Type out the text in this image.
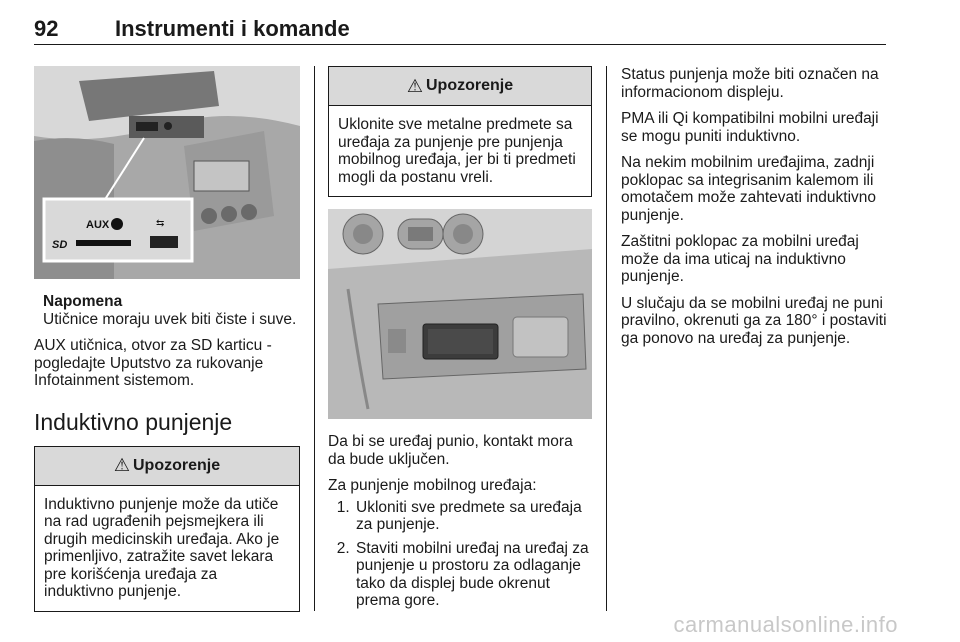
92	Instrumenti i komande
AUX
SD
⇆
Napomena
Utičnice moraju uvek biti čiste i suve.

AUX utičnica, otvor za SD karticu - pogledajte Uputstvo za rukovanje Infotainment sistemom.

Induktivno punjenje
⚠ Upozorenje
Induktivno punjenje može da utiče na rad ugrađenih pejsmejkera ili drugih medicinskih uređaja. Ako je primenljivo, zatražite savet lekara pre korišćenja uređaja za induktivno punjenje.
⚠ Upozorenje
Uklonite sve metalne predmete sa uređaja za punjenje pre punjenja mobilnog uređaja, jer bi ti predmeti mogli da postanu vreli.

Da bi se uređaj punio, kontakt mora da bude uključen.

Za punjenje mobilnog uređaja:

1. Ukloniti sve predmete sa uređaja za punjenje.
2. Staviti mobilni uređaj na uređaj za punjenje u prostoru za odlaganje tako da displej bude okrenut prema gore.

Status punjenja može biti označen na informacionom displeju.

PMA ili Qi kompatibilni mobilni uređaji se mogu puniti induktivno.

Na nekim mobilnim uređajima, zadnji poklopac sa integrisanim kalemom ili omotačem može zahtevati induktivno punjenje.

Zaštitni poklopac za mobilni uređaj može da ima uticaj na induktivno punjenje.

U slučaju da se mobilni uređaj ne puni pravilno, okrenuti ga za 180° i postaviti ga ponovo na uređaj za punjenje.

carmanualsonline.info
